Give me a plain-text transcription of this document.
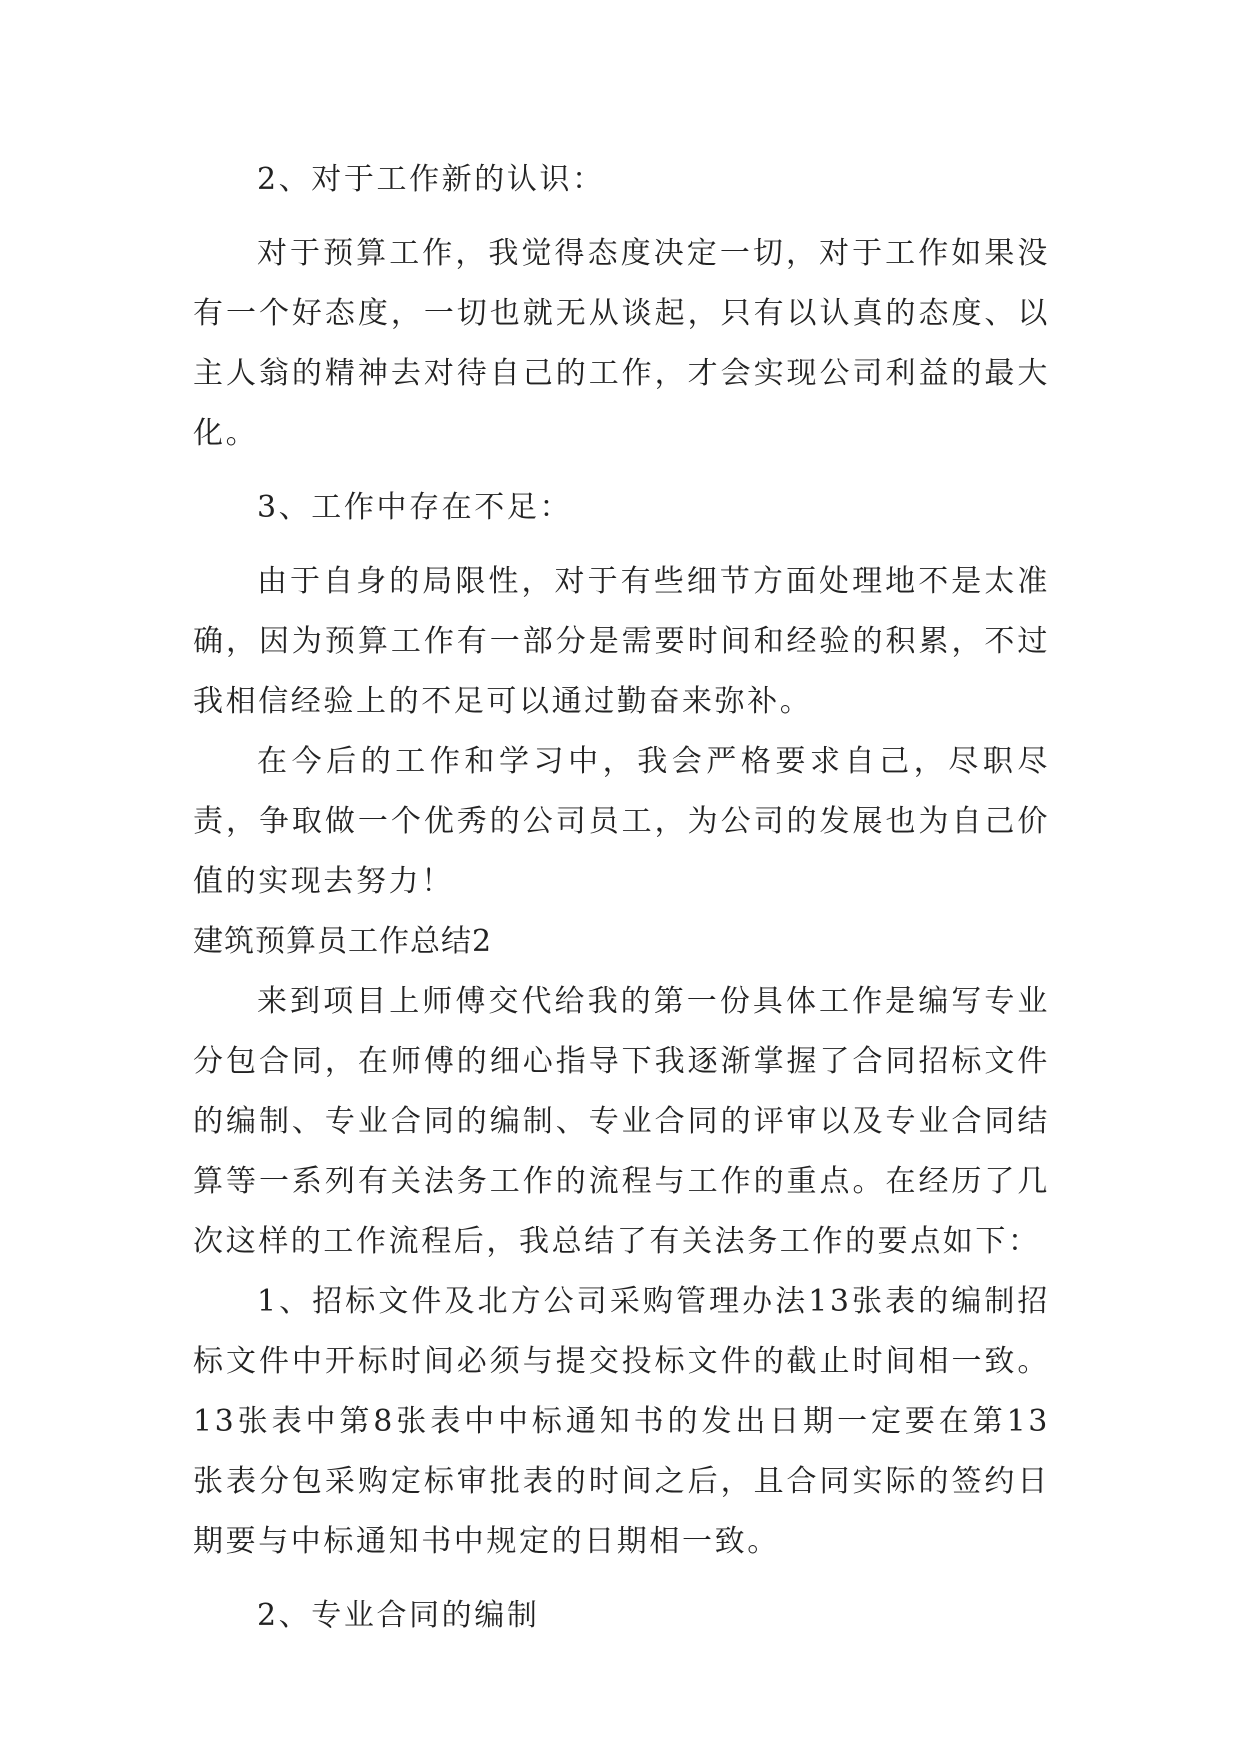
2、对于工作新的认识：

对于预算工作，我觉得态度决定一切，对于工作如果没有一个好态度，一切也就无从谈起，只有以认真的态度、以主人翁的精神去对待自己的工作，才会实现公司利益的最大化。

3、工作中存在不足：

由于自身的局限性，对于有些细节方面处理地不是太准确，因为预算工作有一部分是需要时间和经验的积累，不过我相信经验上的不足可以通过勤奋来弥补。

在今后的工作和学习中，我会严格要求自己，尽职尽责，争取做一个优秀的公司员工，为公司的发展也为自己价值的实现去努力！

建筑预算员工作总结2

来到项目上师傅交代给我的第一份具体工作是编写专业分包合同，在师傅的细心指导下我逐渐掌握了合同招标文件的编制、专业合同的编制、专业合同的评审以及专业合同结算等一系列有关法务工作的流程与工作的重点。在经历了几次这样的工作流程后，我总结了有关法务工作的要点如下：

1、招标文件及北方公司采购管理办法13张表的编制招标文件中开标时间必须与提交投标文件的截止时间相一致。13张表中第8张表中中标通知书的发出日期一定要在第13张表分包采购定标审批表的时间之后，且合同实际的签约日期要与中标通知书中规定的日期相一致。

2、专业合同的编制
